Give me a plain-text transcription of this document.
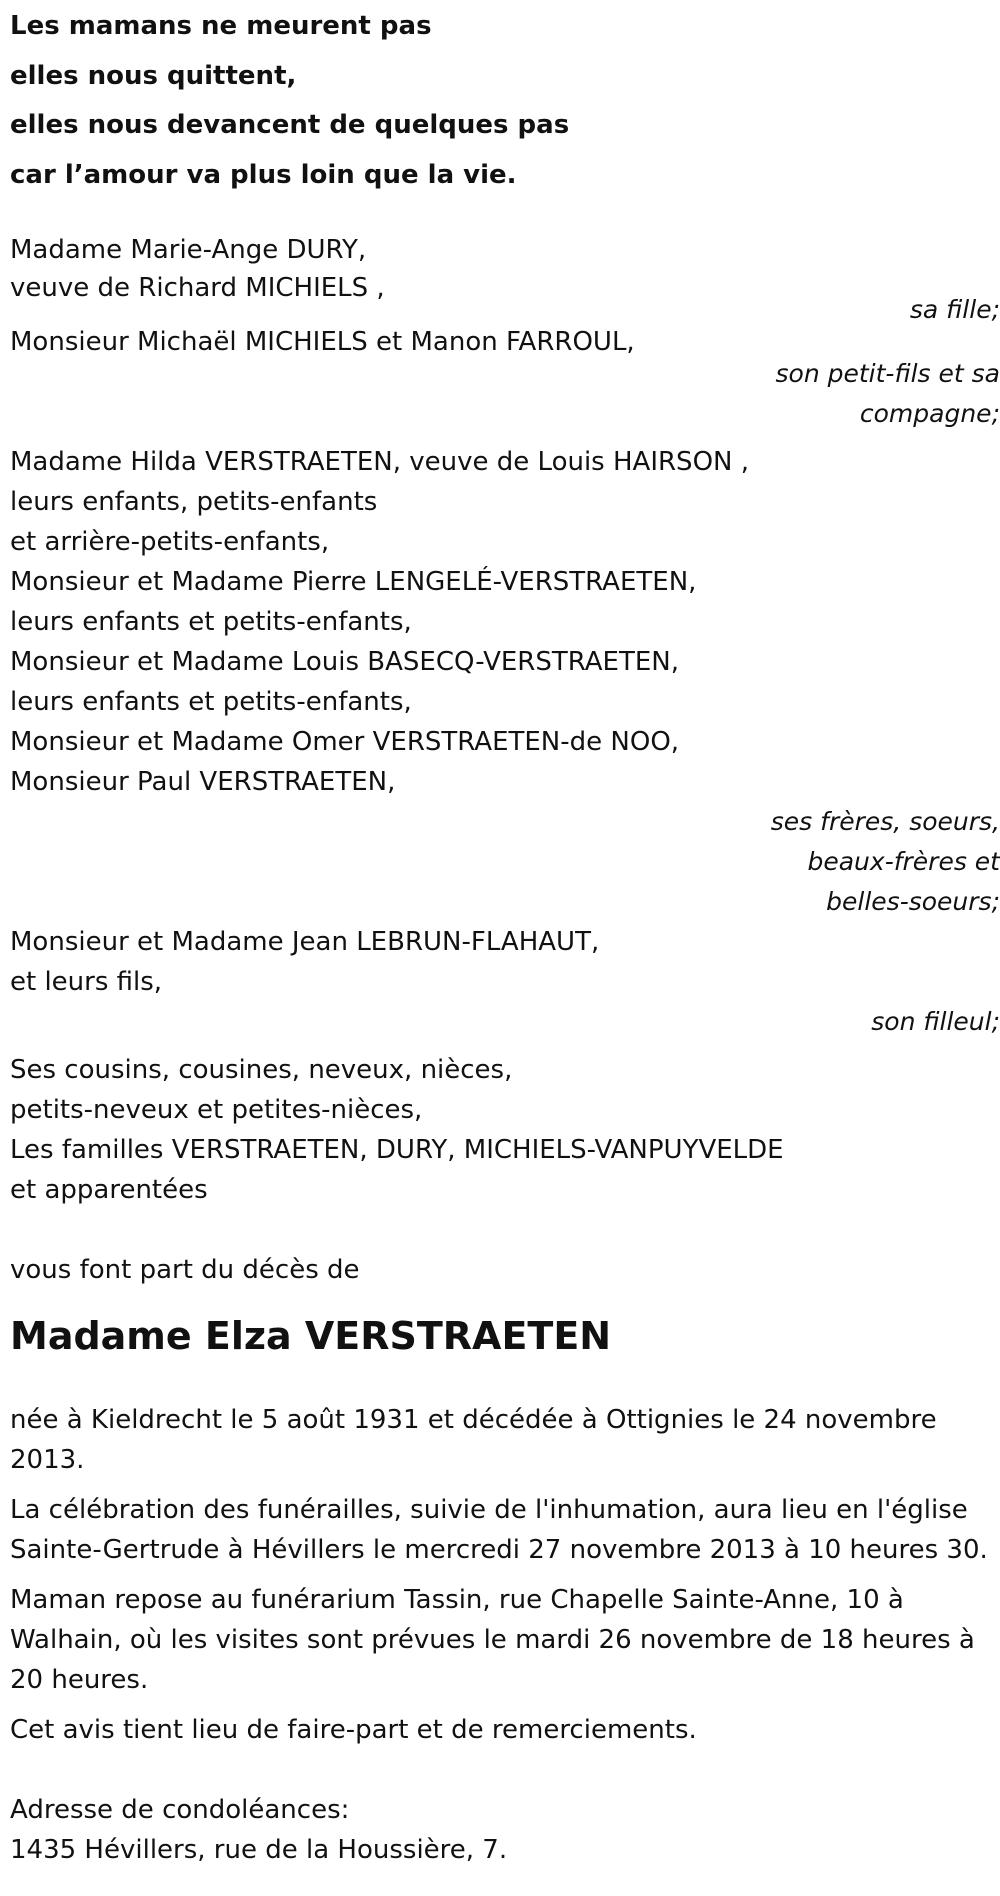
Les mamans ne meurent pas
elles nous quittent,
elles nous devancent de quelques pas
car l’amour va plus loin que la vie.
Madame Marie-Ange DURY,
veuve de Richard MICHIELS ,
sa fille;
Monsieur Michaël MICHIELS et Manon FARROUL,
son petit-fils et sa
compagne;
Madame Hilda VERSTRAETEN, veuve de Louis HAIRSON ,
leurs enfants, petits-enfants
et arrière-petits-enfants,
Monsieur et Madame Pierre LENGELÉ-VERSTRAETEN,
leurs enfants et petits-enfants,
Monsieur et Madame Louis BASECQ-VERSTRAETEN,
leurs enfants et petits-enfants,
Monsieur et Madame Omer VERSTRAETEN-de NOO,
Monsieur Paul VERSTRAETEN,
ses frères, soeurs,
beaux-frères et
belles-soeurs;
Monsieur et Madame Jean LEBRUN-FLAHAUT,
et leurs fils,
son filleul;
Ses cousins, cousines, neveux, nièces,
petits-neveux et petites-nièces,
Les familles VERSTRAETEN, DURY, MICHIELS-VANPUYVELDE
et apparentées
vous font part du décès de
Madame Elza VERSTRAETEN

née à Kieldrecht le 5 août 1931 et décédée à Ottignies le 24 novembre 2013.

La célébration des funérailles, suivie de l'inhumation, aura lieu en l'église Sainte-Gertrude à Hévillers le mercredi 27 novembre 2013 à 10 heures 30.

Maman repose au funérarium Tassin, rue Chapelle Sainte-Anne, 10 à Walhain, où les visites sont prévues le mardi 26 novembre de 18 heures à 20 heures.

Cet avis tient lieu de faire-part et de remerciements.

Adresse de condoléances:
1435 Hévillers, rue de la Houssière, 7.
